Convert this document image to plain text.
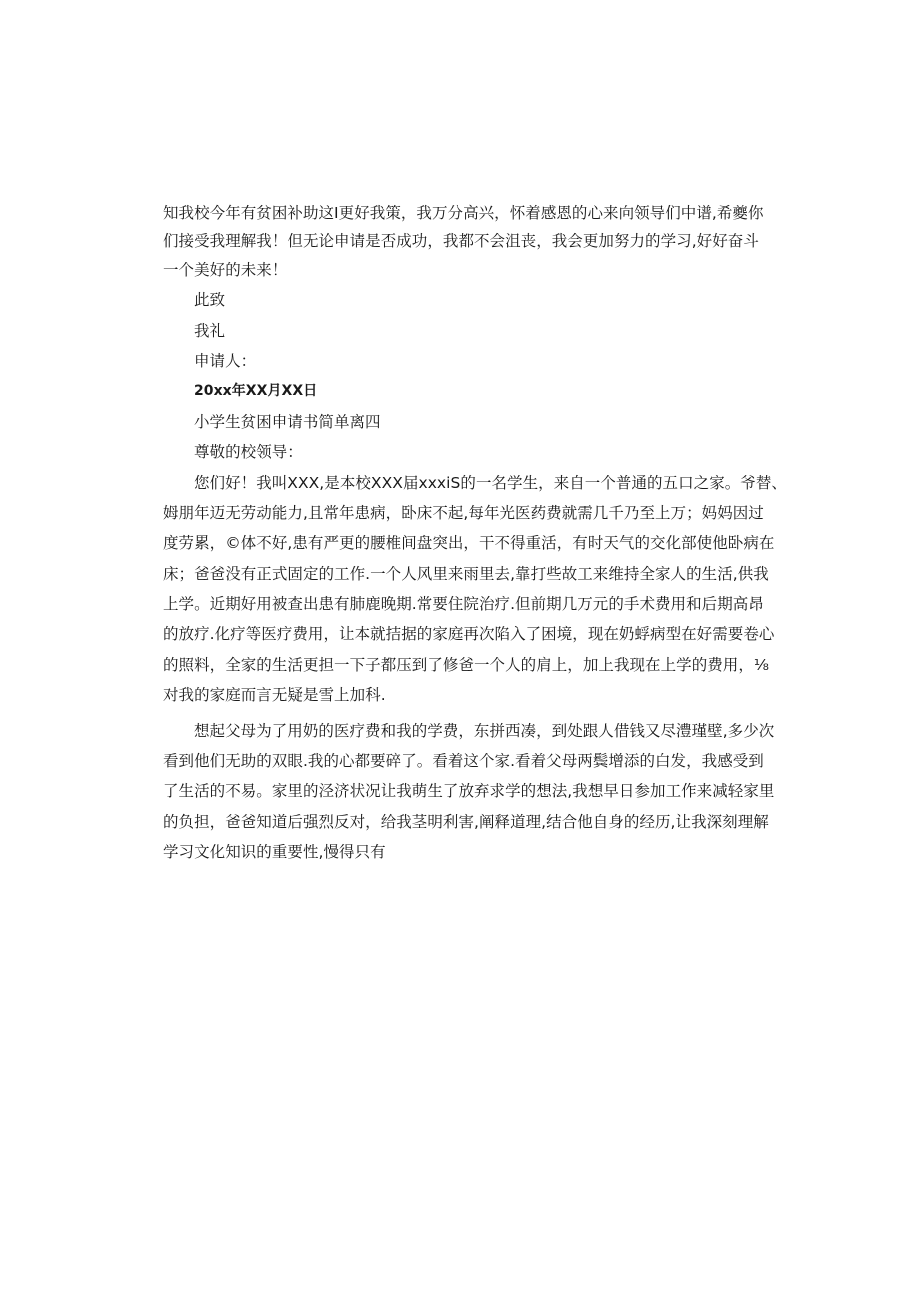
知我校今年有贫困补助这I更好我策，我万分高兴，怀着感恩的心来向领导们中谱,希夔你
们接受我理解我！但无论申请是否成功，我都不会沮丧，我会更加努力的学习,好好奋斗
一个美好的未来！
此致
我礼
申请人：
20xx年XX月XX日
小学生贫困申请书简单离四
尊敬的校领导：
您们好！我叫XXX,是本校XXX届xxxiS的一名学生，来自一个普通的五口之家。爷替、
姆朋年迈无劳动能力,且常年患病，卧床不起,每年光医药费就需几千乃至上万；妈妈因过
度劳累，©体不好,患有严更的腰椎间盘突出，干不得重活，有时天气的交化部使他卧病在
床；爸爸没有正式固定的工作.一个人风里来雨里去,靠打些故工来维持全家人的生活,供我
上学。近期好用被查出患有肺鹿晚期.常要住院治疗.但前期几万元的手术费用和后期高昂
的放疗.化疗等医疗费用，让本就拮据的家庭再次陷入了困境，现在奶蜉病型在好需要卷心
的照料，全家的生活更担一下子都压到了修爸一个人的肩上，加上我现在上学的费用，⅛
对我的家庭而言无疑是雪上加科.
想起父母为了用奶的医疗费和我的学费，东拼西凑，到处跟人借钱又尽澧瑾壁,多少次
看到他们无助的双眼.我的心都要碎了。看着这个家.看着父母两鬓增添的白发，我感受到
了生活的不易。家里的泾济状况让我萌生了放弃求学的想法,我想早日参加工作来减轻家里
的负担，爸爸知道后强烈反对，给我茎明利害,阐释道理,结合他自身的经历,让我深刻理解
学习文化知识的重要性,慢得只有
